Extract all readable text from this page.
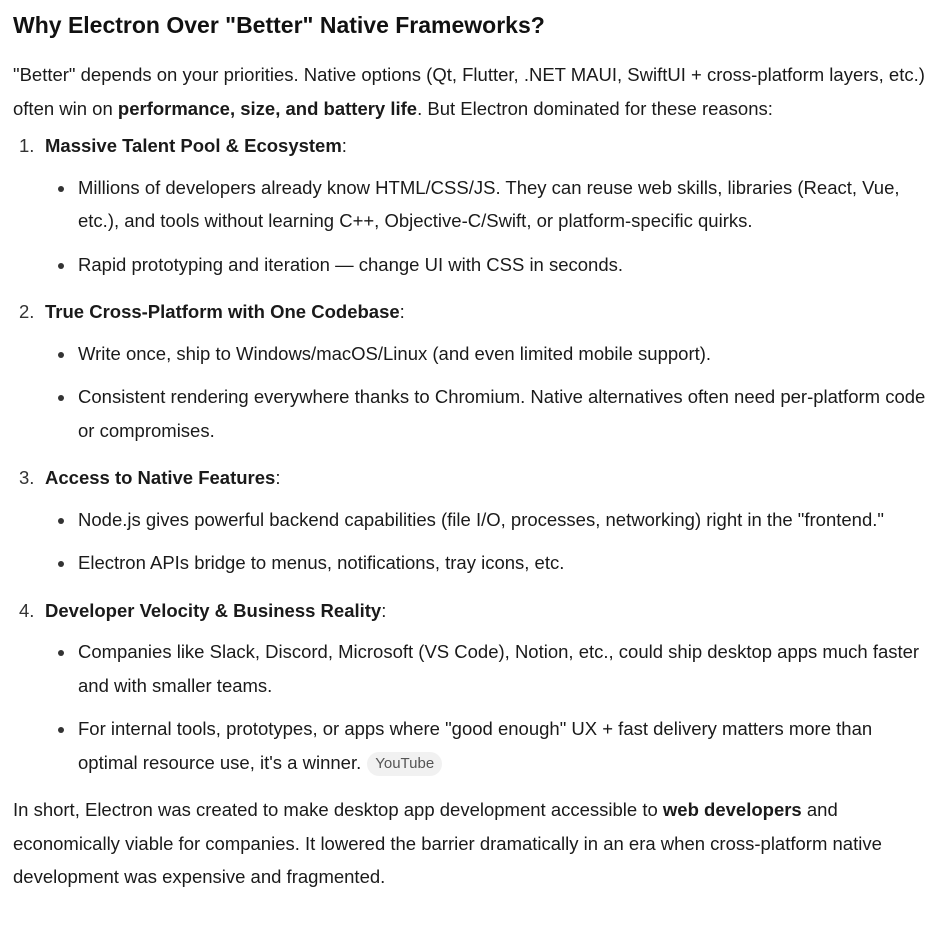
Why Electron Over "Better" Native Frameworks?

"Better" depends on your priorities. Native options (Qt, Flutter, .NET MAUI, SwiftUI + cross-platform layers, etc.) often win on performance, size, and battery life. But Electron dominated for these reasons:

1. Massive Talent Pool & Ecosystem:
Millions of developers already know HTML/CSS/JS. They can reuse web skills, libraries (React, Vue, etc.), and tools without learning C++, Objective-C/Swift, or platform-specific quirks.
Rapid prototyping and iteration — change UI with CSS in seconds.
2. True Cross-Platform with One Codebase:
Write once, ship to Windows/macOS/Linux (and even limited mobile support).
Consistent rendering everywhere thanks to Chromium. Native alternatives often need per-platform code or compromises.
3. Access to Native Features:
Node.js gives powerful backend capabilities (file I/O, processes, networking) right in the "frontend."
Electron APIs bridge to menus, notifications, tray icons, etc.
4. Developer Velocity & Business Reality:
Companies like Slack, Discord, Microsoft (VS Code), Notion, etc., could ship desktop apps much faster and with smaller teams.
For internal tools, prototypes, or apps where "good enough" UX + fast delivery matters more than optimal resource use, it's a winner. YouTube

In short, Electron was created to make desktop app development accessible to web developers and economically viable for companies. It lowered the barrier dramatically in an era when cross-platform native development was expensive and fragmented.
